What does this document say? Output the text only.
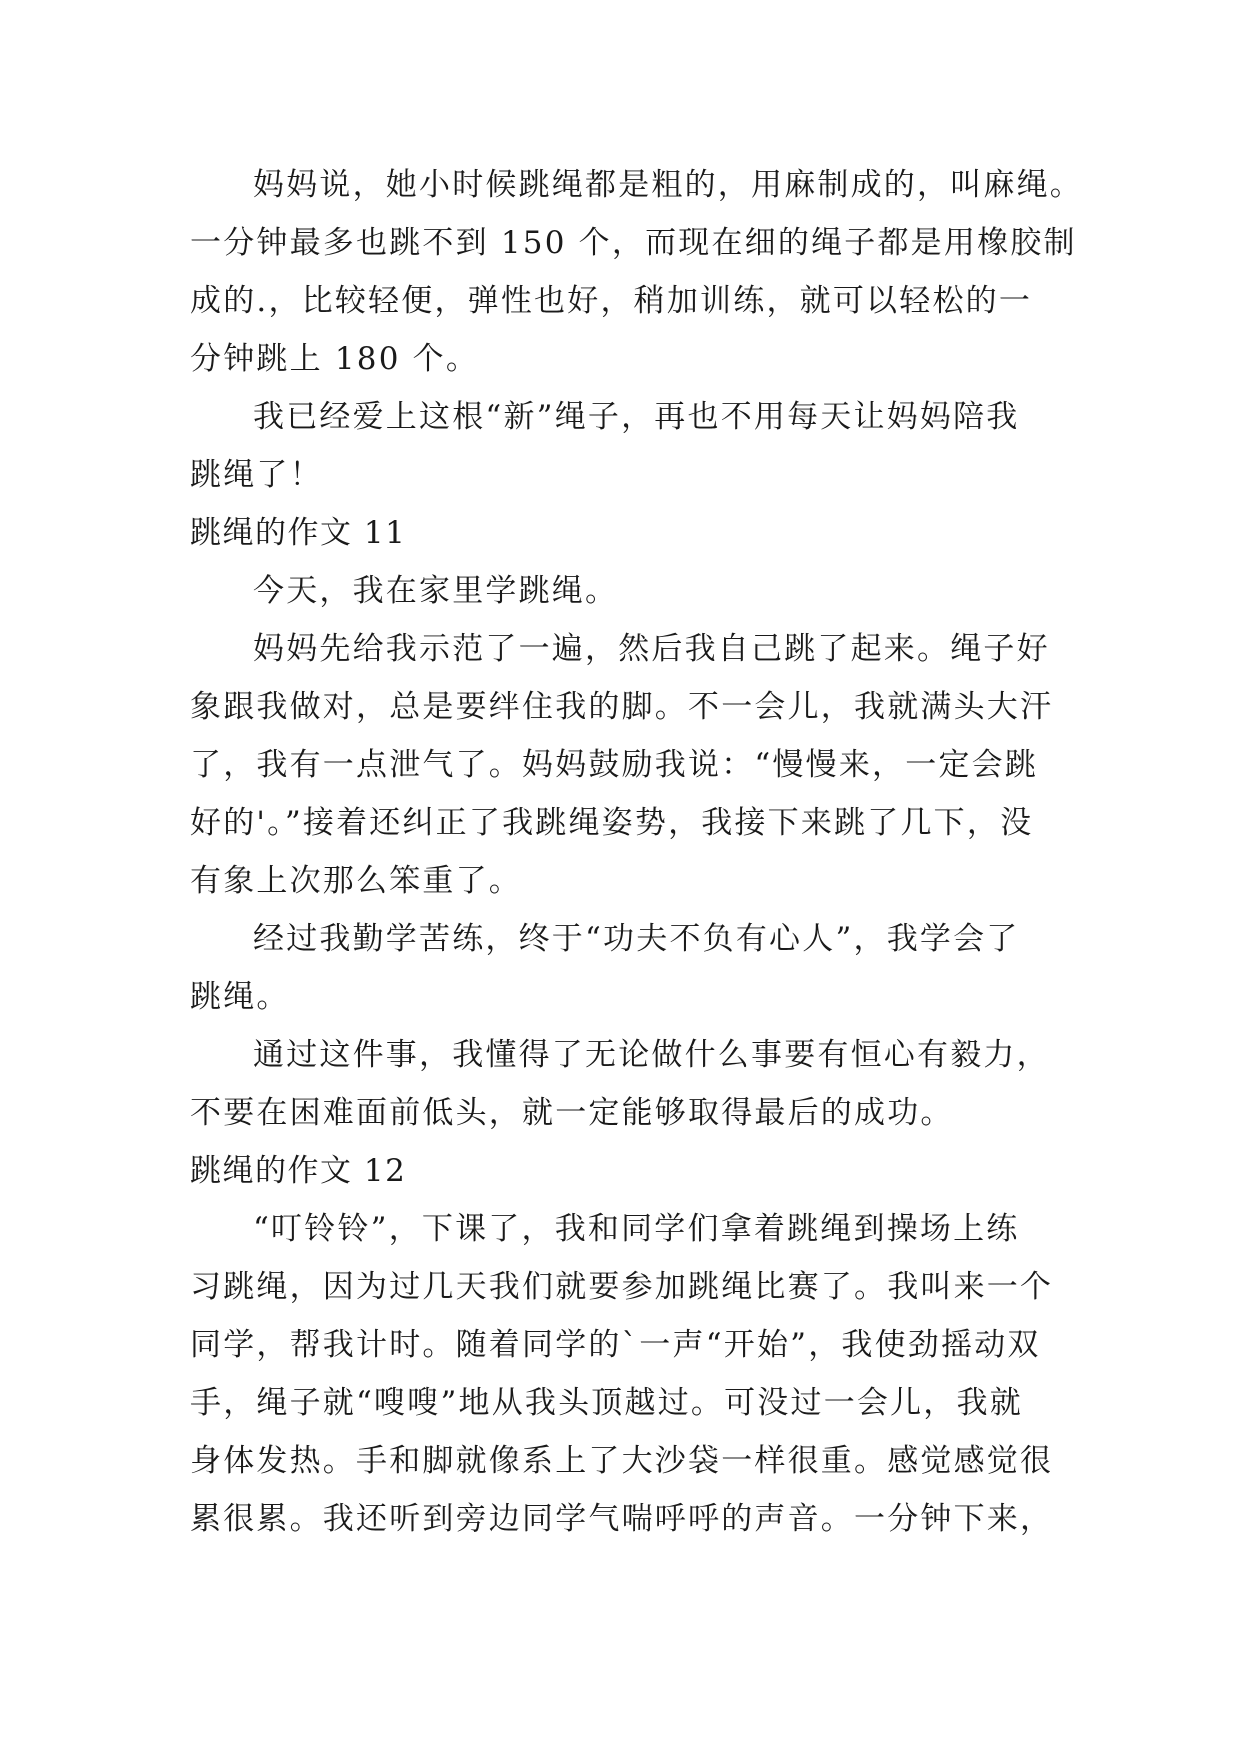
妈妈说，她小时候跳绳都是粗的，用麻制成的，叫麻绳。
一分钟最多也跳不到 150 个，而现在细的绳子都是用橡胶制
成的.，比较轻便，弹性也好，稍加训练，就可以轻松的一
分钟跳上 180 个。
我已经爱上这根“新”绳子，再也不用每天让妈妈陪我
跳绳了！
跳绳的作文 11
今天，我在家里学跳绳。
妈妈先给我示范了一遍，然后我自己跳了起来。绳子好
象跟我做对，总是要绊住我的脚。不一会儿，我就满头大汗
了，我有一点泄气了。妈妈鼓励我说：“慢慢来，一定会跳
好的'。”接着还纠正了我跳绳姿势，我接下来跳了几下，没
有象上次那么笨重了。
经过我勤学苦练，终于“功夫不负有心人”，我学会了
跳绳。
通过这件事，我懂得了无论做什么事要有恒心有毅力，
不要在困难面前低头，就一定能够取得最后的成功。
跳绳的作文 12
“叮铃铃”，下课了，我和同学们拿着跳绳到操场上练
习跳绳，因为过几天我们就要参加跳绳比赛了。我叫来一个
同学，帮我计时。随着同学的`一声“开始”，我使劲摇动双
手，绳子就“嗖嗖”地从我头顶越过。可没过一会儿，我就
身体发热。手和脚就像系上了大沙袋一样很重。感觉感觉很
累很累。我还听到旁边同学气喘呼呼的声音。一分钟下来，
